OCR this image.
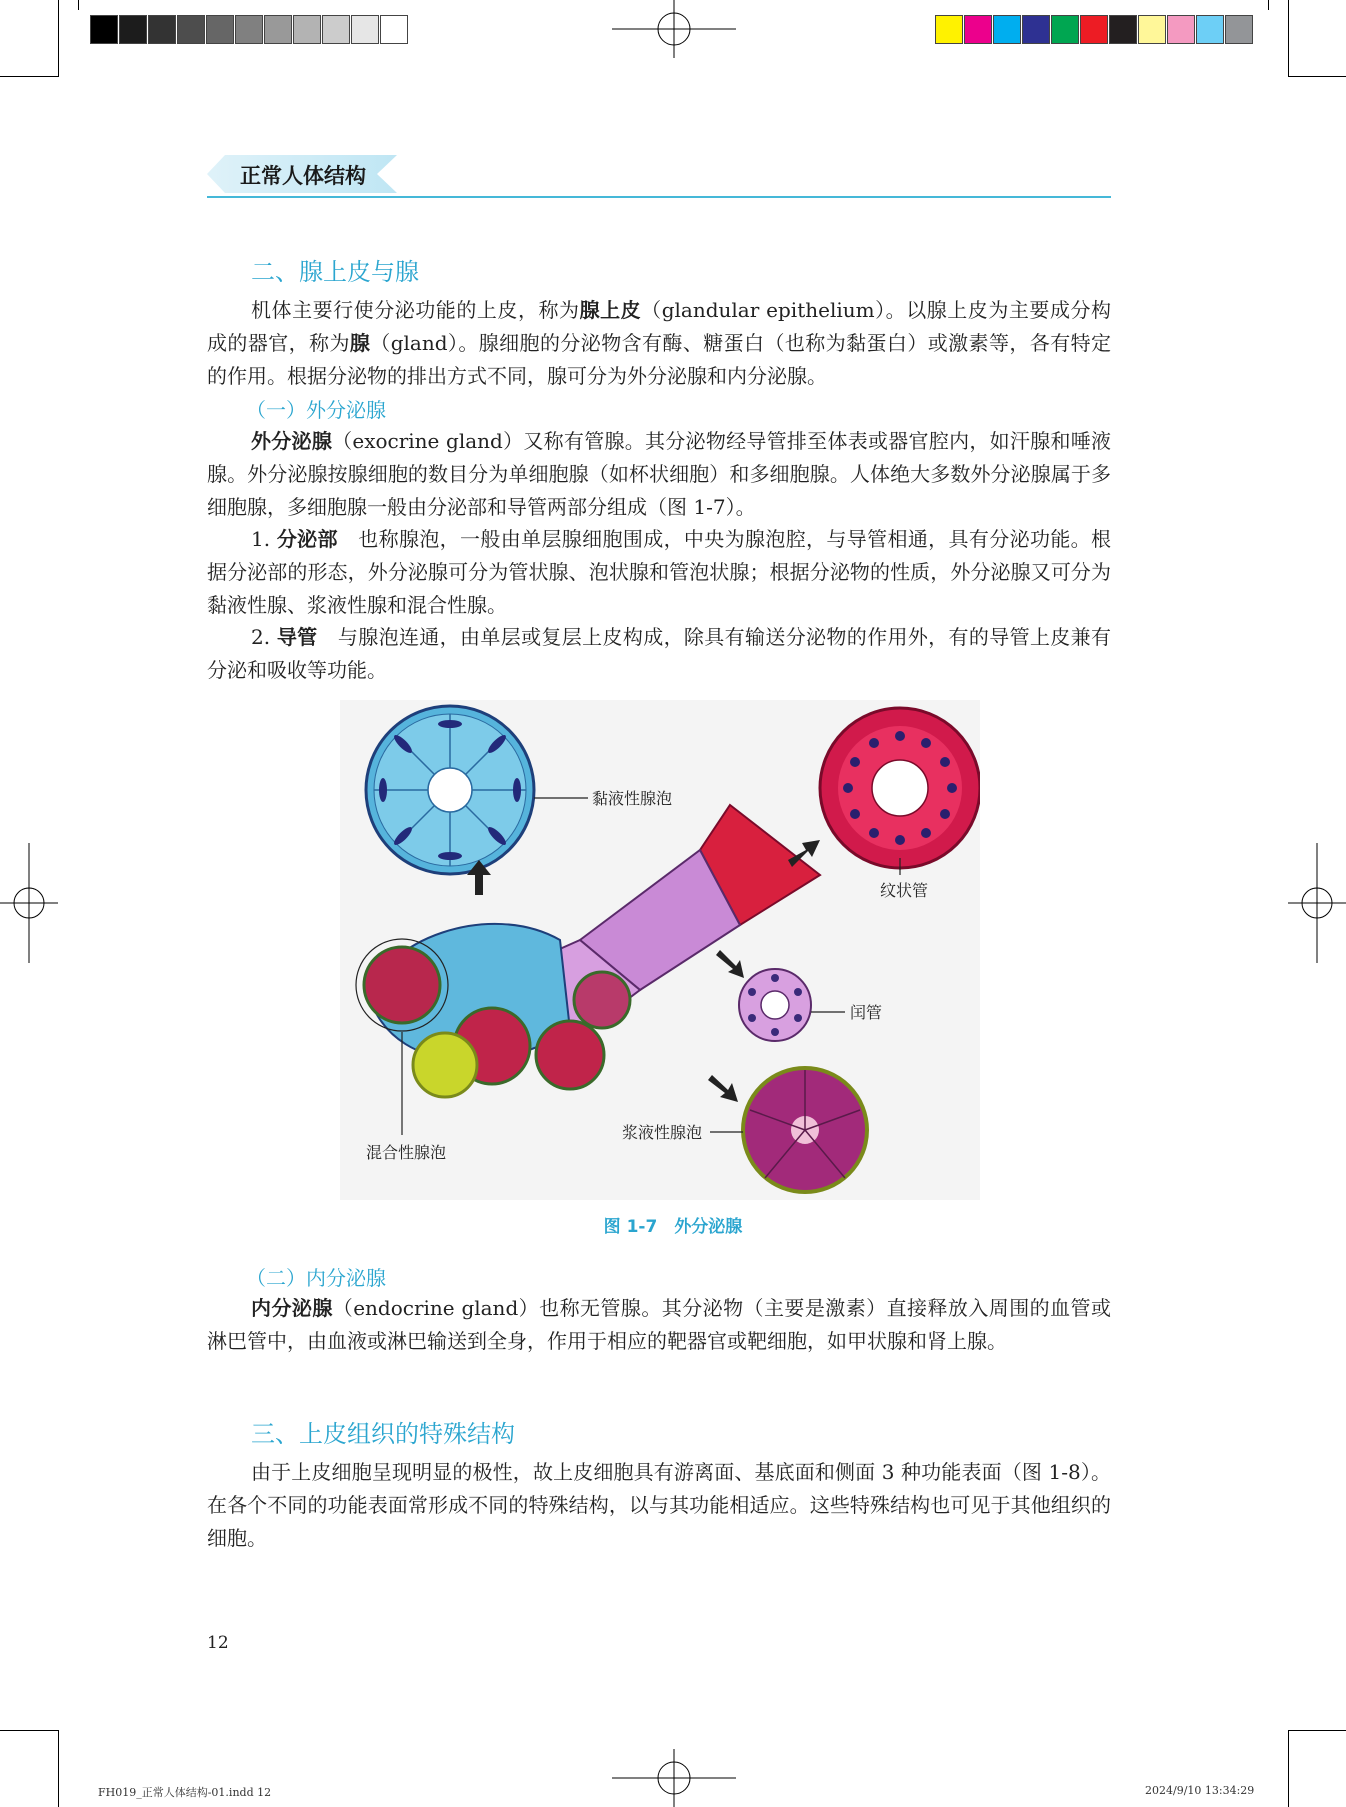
正常人体结构
二、腺上皮与腺
机体主要行使分泌功能的上皮，称为腺上皮（glandular epithelium）。以腺上皮为主要成分构成的器官，称为腺（gland）。腺细胞的分泌物含有酶、糖蛋白（也称为黏蛋白）或激素等，各有特定的作用。根据分泌物的排出方式不同，腺可分为外分泌腺和内分泌腺。
（一）外分泌腺
外分泌腺（exocrine gland）又称有管腺。其分泌物经导管排至体表或器官腔内，如汗腺和唾液腺。外分泌腺按腺细胞的数目分为单细胞腺（如杯状细胞）和多细胞腺。人体绝大多数外分泌腺属于多细胞腺，多细胞腺一般由分泌部和导管两部分组成（图 1-7）。
1. 分泌部　 也称腺泡，一般由单层腺细胞围成，中央为腺泡腔，与导管相通，具有分泌功能。根据分泌部的形态，外分泌腺可分为管状腺、泡状腺和管泡状腺；根据分泌物的性质，外分泌腺又可分为黏液性腺、浆液性腺和混合性腺。
2. 导管　 与腺泡连通，由单层或复层上皮构成，除具有输送分泌物的作用外，有的导管上皮兼有分泌和吸收等功能。
黏液性腺泡
纹状管
混合性腺泡
闰管
浆液性腺泡
图 1-7　 外分泌腺
（二）内分泌腺
内分泌腺（endocrine gland）也称无管腺。其分泌物（主要是激素）直接释放入周围的血管或淋巴管中，由血液或淋巴输送到全身，作用于相应的靶器官或靶细胞，如甲状腺和肾上腺。
三、上皮组织的特殊结构
由于上皮细胞呈现明显的极性，故上皮细胞具有游离面、基底面和侧面 3 种功能表面（图 1-8）。在各个不同的功能表面常形成不同的特殊结构，以与其功能相适应。这些特殊结构也可见于其他组织的细胞。
12
FH019_正常人体结构-01.indd 12	2024/9/10 13:34:29
